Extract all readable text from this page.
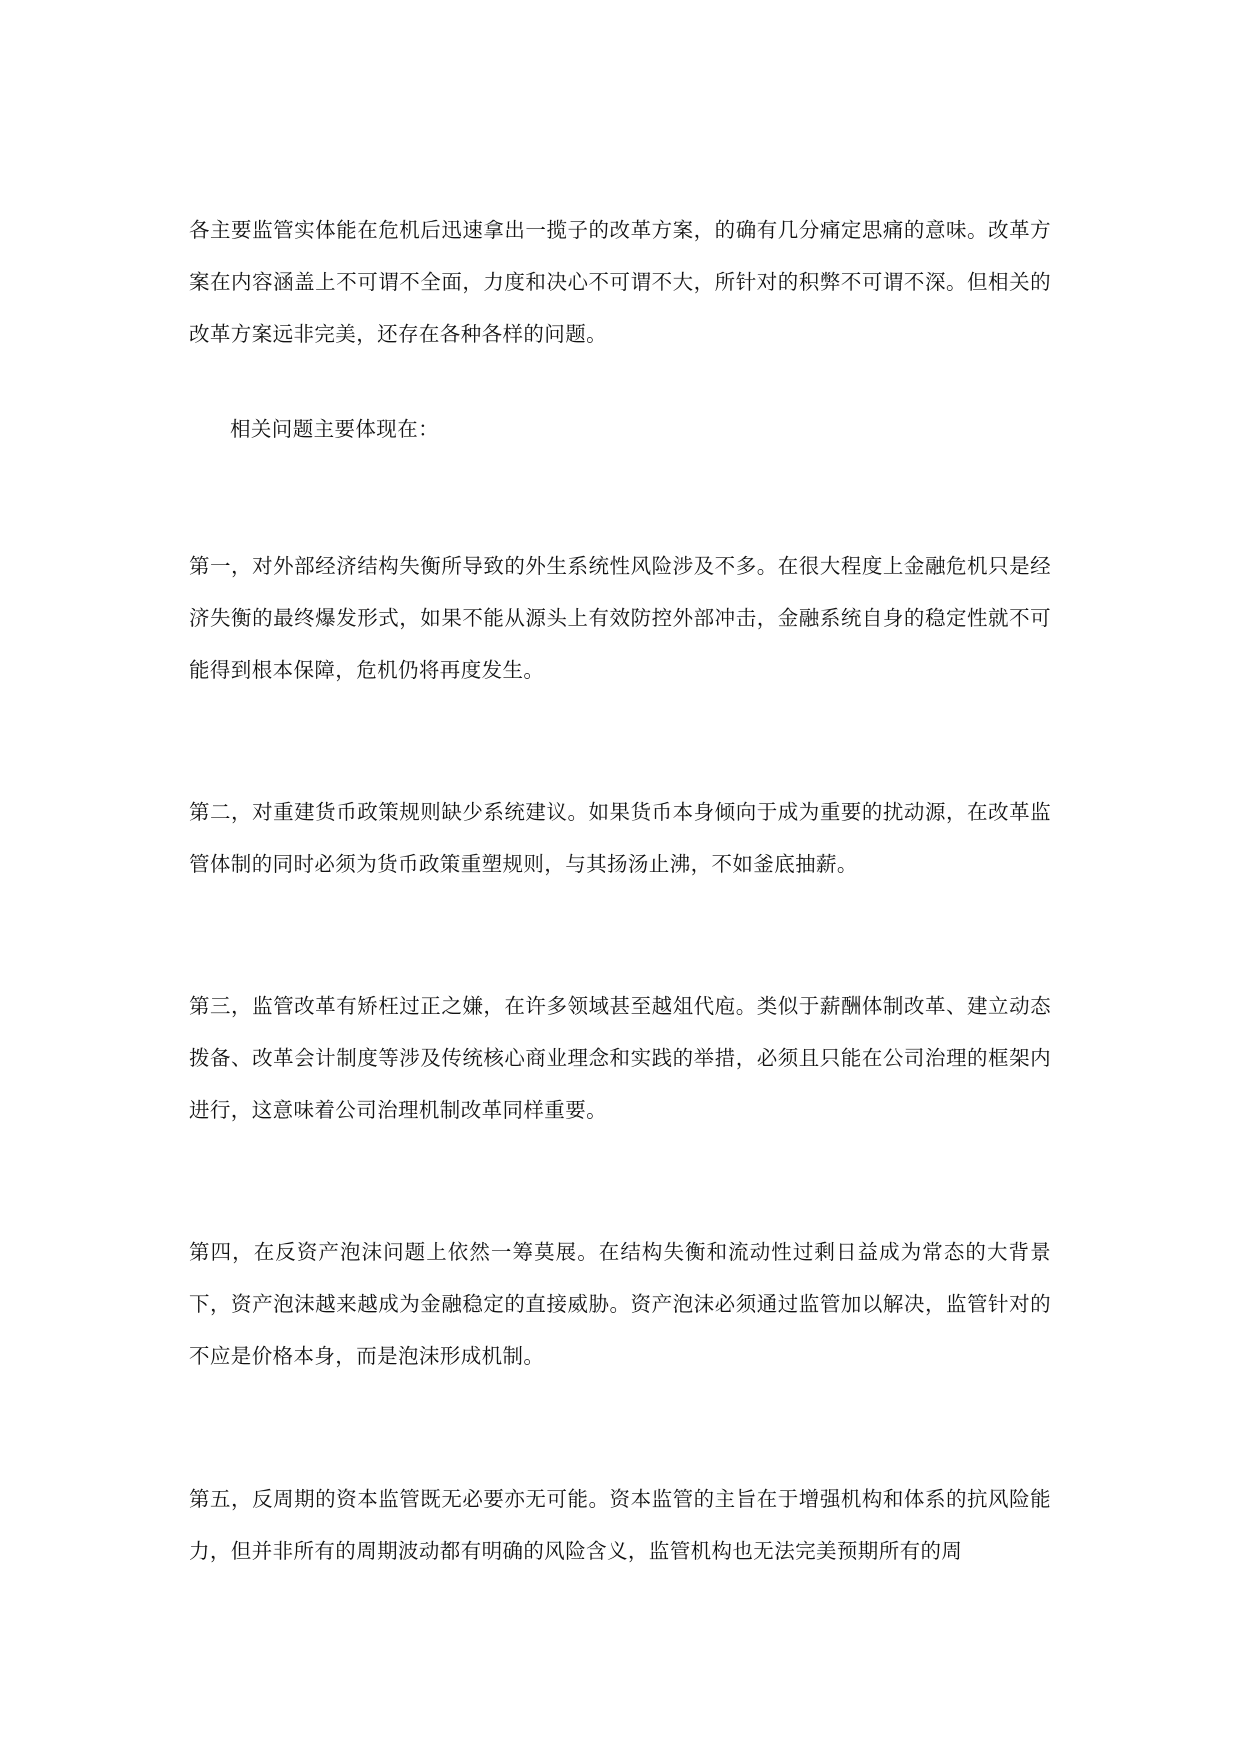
各主要监管实体能在危机后迅速拿出一揽子的改革方案，的确有几分痛定思痛的意味。改革方案在内容涵盖上不可谓不全面，力度和决心不可谓不大，所针对的积弊不可谓不深。但相关的改革方案远非完美，还存在各种各样的问题。

相关问题主要体现在：

第一，对外部经济结构失衡所导致的外生系统性风险涉及不多。在很大程度上金融危机只是经济失衡的最终爆发形式，如果不能从源头上有效防控外部冲击，金融系统自身的稳定性就不可能得到根本保障，危机仍将再度发生。

第二，对重建货币政策规则缺少系统建议。如果货币本身倾向于成为重要的扰动源，在改革监管体制的同时必须为货币政策重塑规则，与其扬汤止沸，不如釜底抽薪。

第三，监管改革有矫枉过正之嫌，在许多领域甚至越俎代庖。类似于薪酬体制改革、建立动态拨备、改革会计制度等涉及传统核心商业理念和实践的举措，必须且只能在公司治理的框架内进行，这意味着公司治理机制改革同样重要。

第四，在反资产泡沫问题上依然一筹莫展。在结构失衡和流动性过剩日益成为常态的大背景下，资产泡沫越来越成为金融稳定的直接威胁。资产泡沫必须通过监管加以解决，监管针对的不应是价格本身，而是泡沫形成机制。

第五，反周期的资本监管既无必要亦无可能。资本监管的主旨在于增强机构和体系的抗风险能力，但并非所有的周期波动都有明确的风险含义，监管机构也无法完美预期所有的周
